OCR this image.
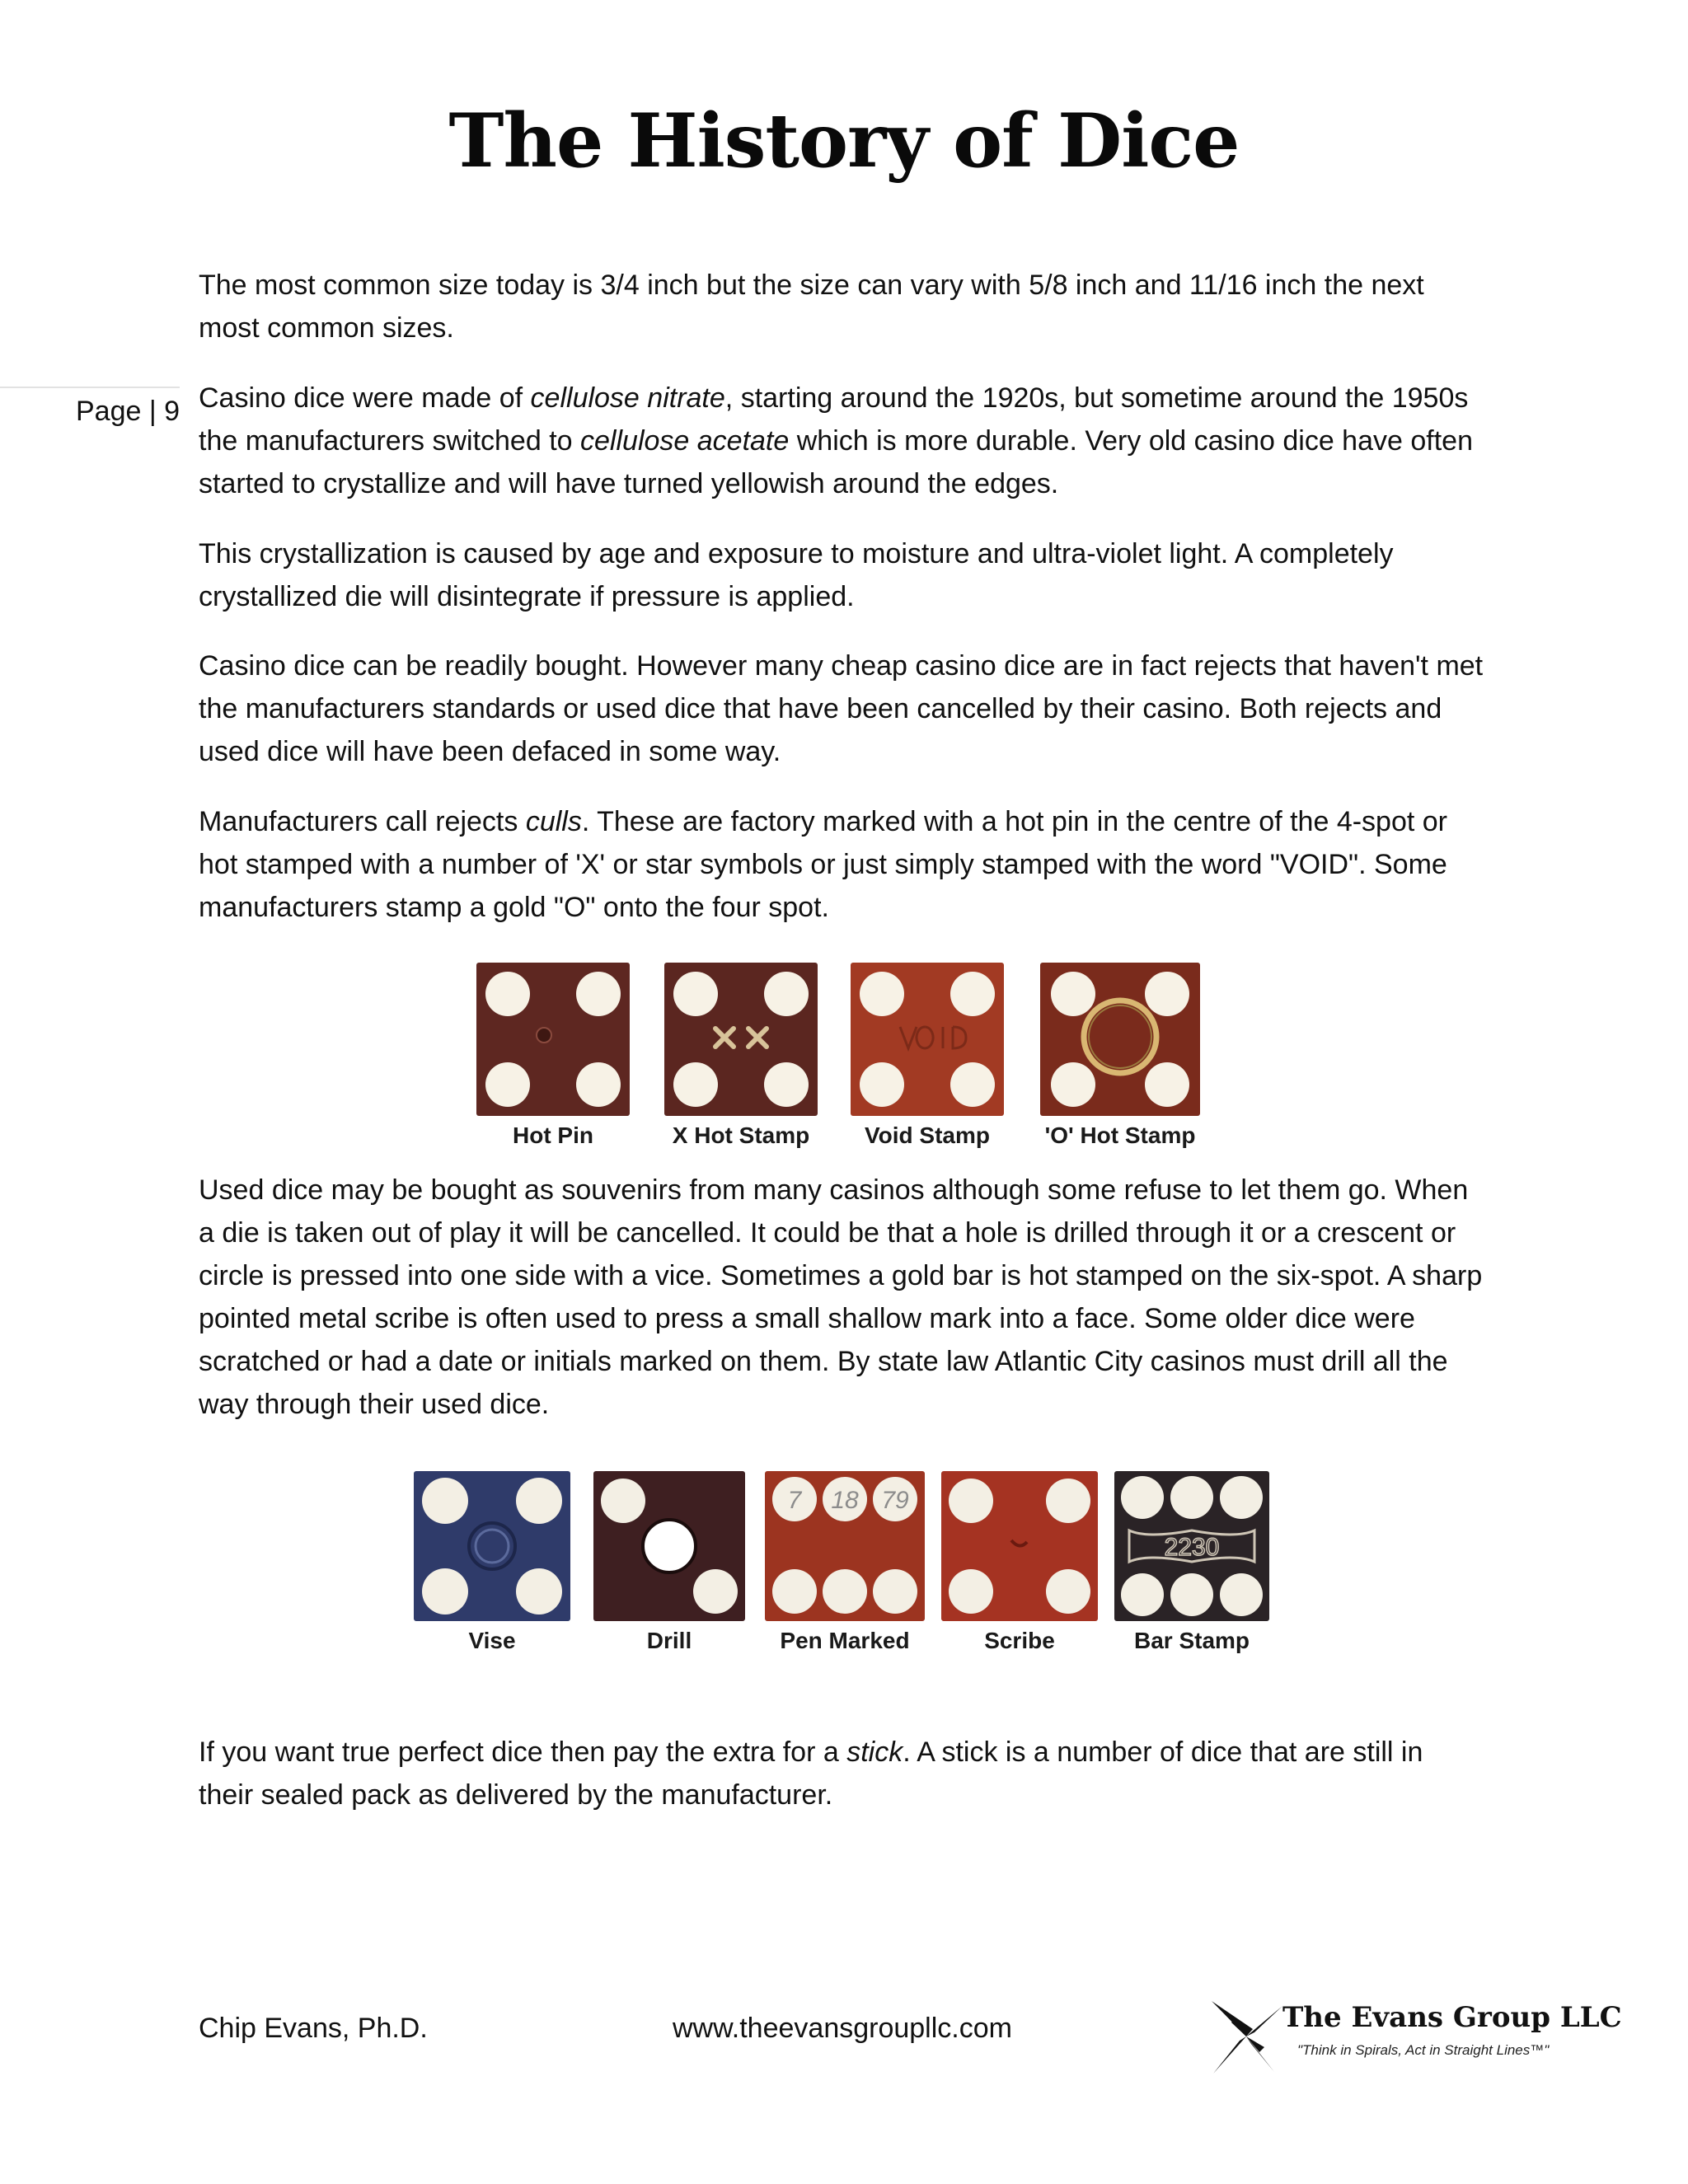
The History of Dice
Page | 9

The most common size today is 3/4 inch but the size can vary with 5/8 inch and 11/16 inch the next most common sizes.

Casino dice were made of cellulose nitrate, starting around the 1920s, but sometime around the 1950s the manufacturers switched to cellulose acetate which is more durable. Very old casino dice have often started to crystallize and will have turned yellowish around the edges.

This crystallization is caused by age and exposure to moisture and ultra-violet light. A completely crystallized die will disintegrate if pressure is applied.

Casino dice can be readily bought. However many cheap casino dice are in fact rejects that haven't met the manufacturers standards or used dice that have been cancelled by their casino. Both rejects and used dice will have been defaced in some way.

Manufacturers call rejects culls. These are factory marked with a hot pin in the centre of the 4-spot or hot stamped with a number of 'X' or star symbols or just simply stamped with the word "VOID". Some manufacturers stamp a gold "O" onto the four spot.

Hot Pin	X Hot Stamp	Void Stamp	'O' Hot Stamp

Used dice may be bought as souvenirs from many casinos although some refuse to let them go. When a die is taken out of play it will be cancelled. It could be that a hole is drilled through it or a crescent or circle is pressed into one side with a vice. Sometimes a gold bar is hot stamped on the six-spot. A sharp pointed metal scribe is often used to press a small shallow mark into a face. Some older dice were scratched or had a date or initials marked on them. By state law Atlantic City casinos must drill all the way through their used dice.

Vise	Drill
7 18 79
Pen Marked	Scribe
2230
Bar Stamp

If you want true perfect dice then pay the extra for a stick. A stick is a number of dice that are still in their sealed pack as delivered by the manufacturer.

Chip Evans, Ph.D.	www.theevansgroupllc.com	The Evans Group LLC
"Think in Spirals, Act in Straight Lines™"
